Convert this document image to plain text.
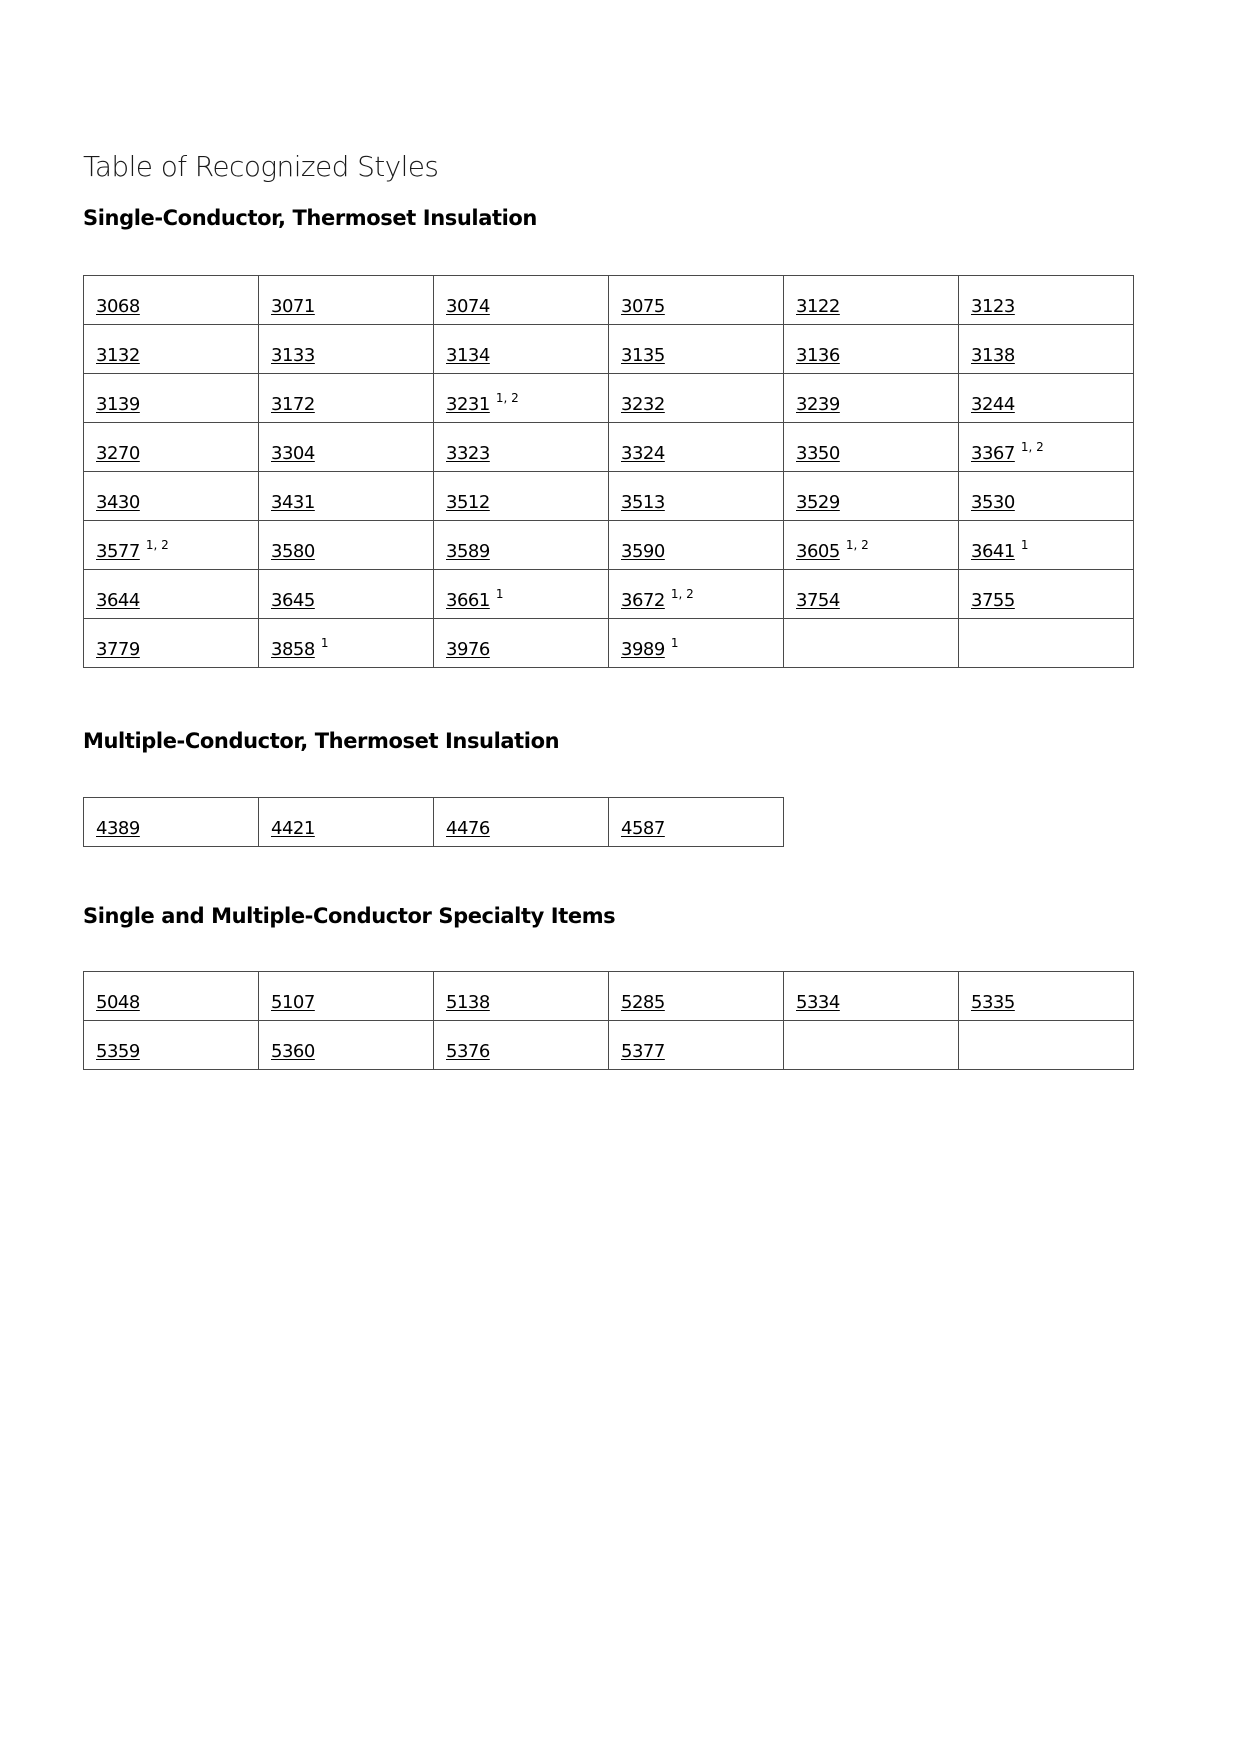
Table of Recognized Styles
Single-Conductor, Thermoset Insulation
3068	3071	3074	3075	3122	3123

3132	3133	3134	3135	3136	3138

3139	3172	3231 $^{1, 2}$	3232	3239	3244

3270	3304	3323	3324	3350	3367 $^{1, 2}$

3430	3431	3512	3513	3529	3530

3577 $^{1, 2}$	3580	3589	3590	3605 $^{1, 2}$	3641 $^1$

3644	3645	3661 $^1$	3672 $^{1, 2}$	3754	3755

3779	3858 $^1$	3976	3989 $^1$

Multiple-Conductor, Thermoset Insulation
4389	4421	4476	4587
Single and Multiple-Conductor Specialty Items
5048	5107	5138	5285	5334	5335

5359	5360	5376	5377		
